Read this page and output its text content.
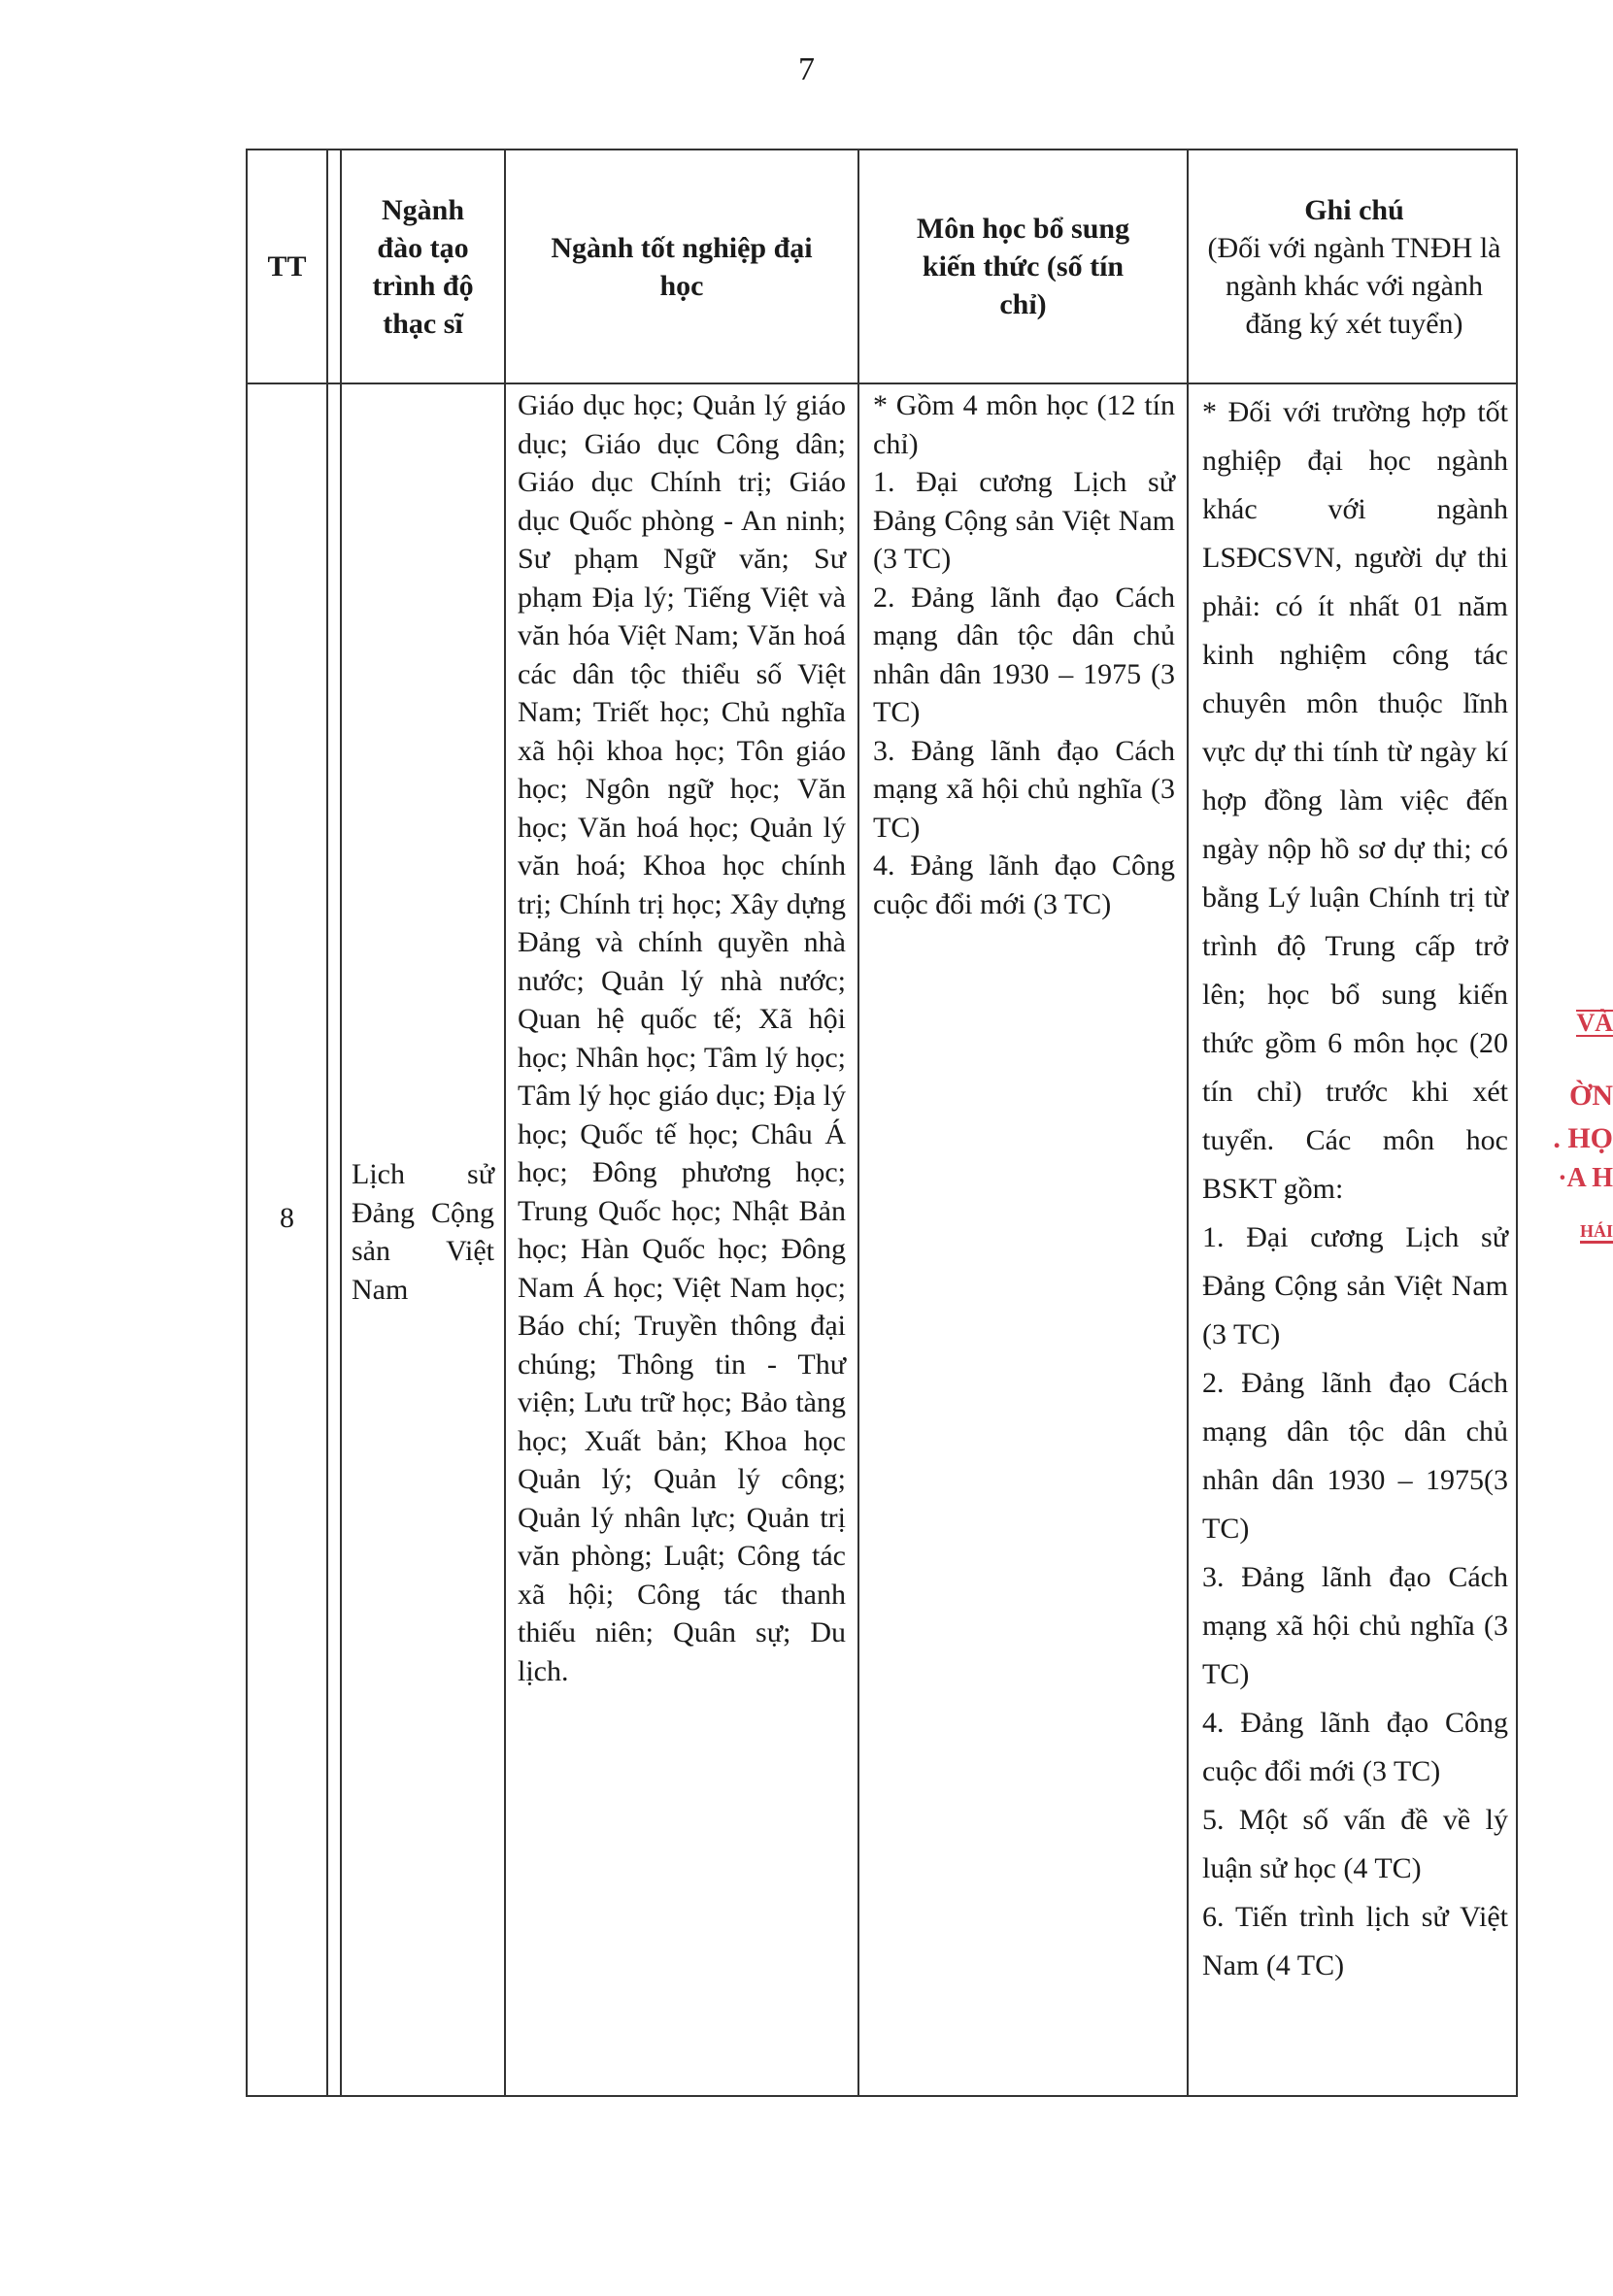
7
TT
Ngành đào tạo trình độ thạc sĩ
Ngành tốt nghiệp đại học
Môn học bổ sung kiến thức (số tín chỉ)
Ghi chú
(Đối với ngành TNĐH là ngành khác với ngành đăng ký xét tuyển)
8
Lịch sử Đảng Cộng sản Việt Nam
Giáo dục học; Quản lý giáo dục; Giáo dục Công dân; Giáo dục Chính trị; Giáo dục Quốc phòng - An ninh; Sư phạm Ngữ văn; Sư phạm Địa lý; Tiếng Việt và văn hóa Việt Nam; Văn hoá các dân tộc thiểu số Việt Nam; Triết học; Chủ nghĩa xã hội khoa học; Tôn giáo học; Ngôn ngữ học; Văn học; Văn hoá học; Quản lý văn hoá; Khoa học chính trị; Chính trị học; Xây dựng Đảng và chính quyền nhà nước; Quản lý nhà nước; Quan hệ quốc tế; Xã hội học; Nhân học; Tâm lý học; Tâm lý học giáo dục; Địa lý học; Quốc tế học; Châu Á học; Đông phương học; Trung Quốc học; Nhật Bản học; Hàn Quốc học; Đông Nam Á học; Việt Nam học; Báo chí; Truyền thông đại chúng; Thông tin - Thư viện; Lưu trữ học; Bảo tàng học; Xuất bản; Khoa học Quản lý; Quản lý công; Quản lý nhân lực; Quản trị văn phòng; Luật; Công tác xã hội; Công tác thanh thiếu niên; Quân sự; Du lịch.
* Gồm 4 môn học (12 tín chỉ)
1. Đại cương Lịch sử Đảng Cộng sản Việt Nam (3 TC)
2. Đảng lãnh đạo Cách mạng dân tộc dân chủ nhân dân 1930 – 1975 (3 TC)
3. Đảng lãnh đạo Cách mạng xã hội chủ nghĩa (3 TC)
4. Đảng lãnh đạo Công cuộc đổi mới (3 TC)
* Đối với trường hợp tốt nghiệp đại học ngành khác với ngành LSĐCSVN, người dự thi phải: có ít nhất 01 năm kinh nghiệm công tác chuyên môn thuộc lĩnh vực dự thi tính từ ngày kí hợp đồng làm việc đến ngày nộp hồ sơ dự thi; có bằng Lý luận Chính trị từ trình độ Trung cấp trở lên; học bổ sung kiến thức gồm 6 môn học (20 tín chỉ) trước khi xét tuyển. Các môn hoc BSKT gồm:
1. Đại cương Lịch sử Đảng Cộng sản Việt Nam (3 TC)
2. Đảng lãnh đạo Cách mạng dân tộc dân chủ nhân dân 1930 – 1975(3 TC)
3. Đảng lãnh đạo Cách mạng xã hội chủ nghĩa (3 TC)
4. Đảng lãnh đạo Công cuộc đổi mới (3 TC)
5. Một số vấn đề về lý luận sử học (4 TC)
6. Tiến trình lịch sử Việt Nam (4 TC)
VÀ
ỜN
. HỌ
·A H
HÁI
